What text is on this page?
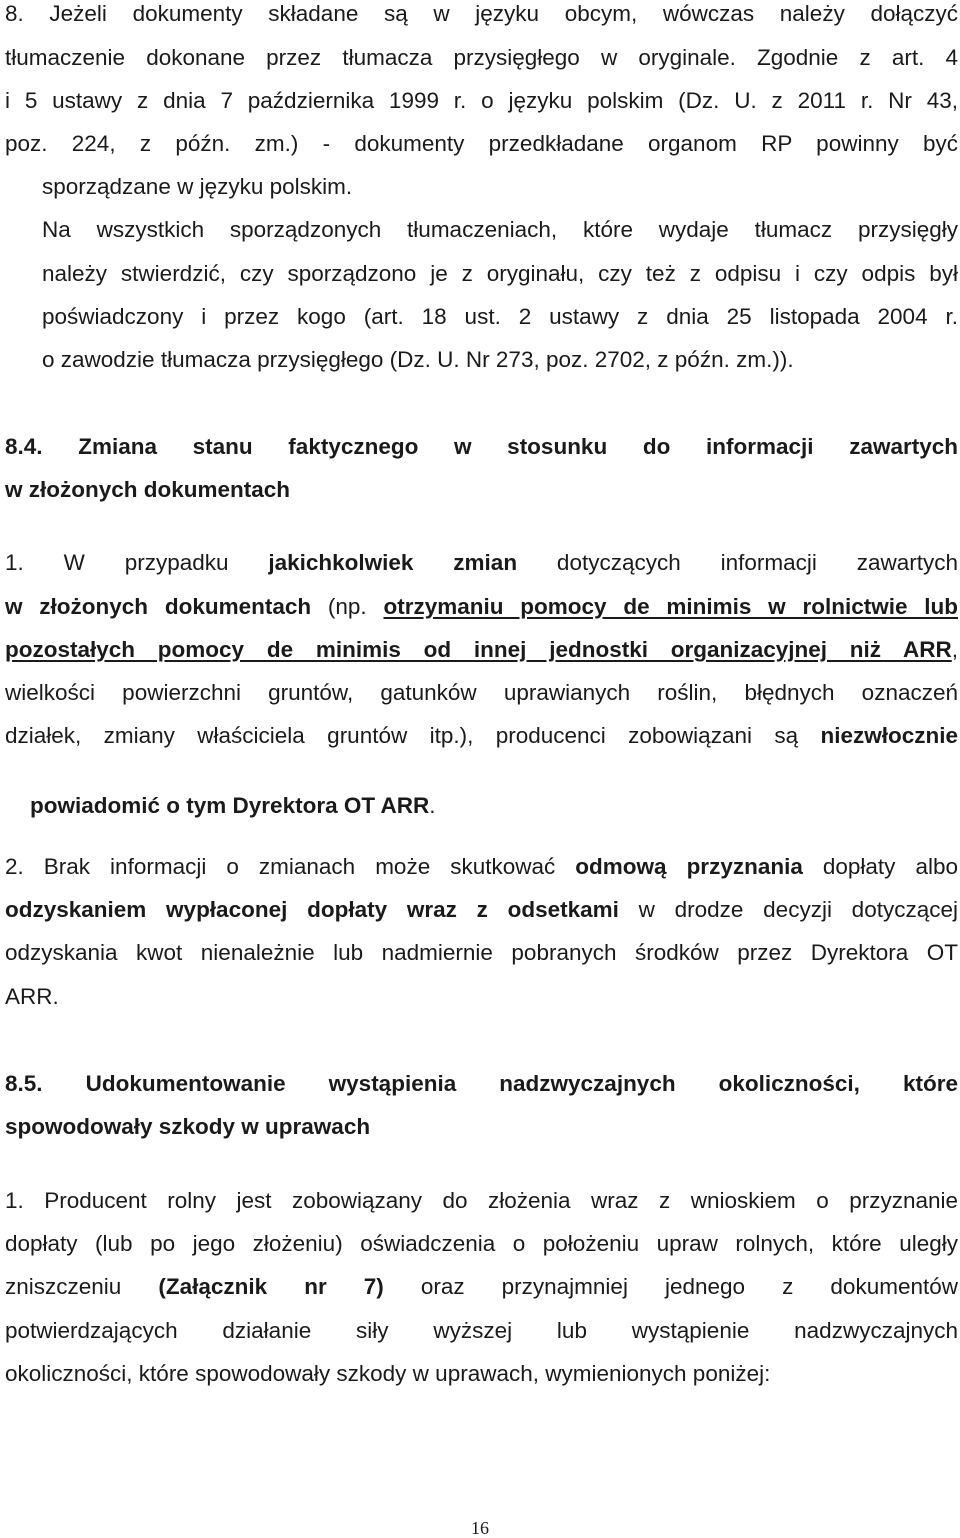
8. Jeżeli dokumenty składane są w języku obcym, wówczas należy dołączyć
tłumaczenie dokonane przez tłumacza przysięgłego w oryginale. Zgodnie z art. 4
i 5 ustawy z dnia 7 października 1999 r. o języku polskim (Dz. U. z 2011 r. Nr 43,
poz. 224, z późn. zm.) - dokumenty przedkładane organom RP powinny być
sporządzane w języku polskim.
Na wszystkich sporządzonych tłumaczeniach, które wydaje tłumacz przysięgły
należy stwierdzić, czy sporządzono je z oryginału, czy też z odpisu i czy odpis był
poświadczony i przez kogo (art. 18 ust. 2 ustawy z dnia 25 listopada 2004 r.
o zawodzie tłumacza przysięgłego (Dz. U. Nr 273, poz. 2702, z późn. zm.)).
8.4. Zmiana stanu faktycznego w stosunku do informacji zawartych
w złożonych dokumentach
1. W przypadku jakichkolwiek zmian dotyczących informacji zawartych
w złożonych dokumentach (np. otrzymaniu pomocy de minimis w rolnictwie lub
pozostałych pomocy de minimis od innej jednostki organizacyjnej niż ARR,
wielkości powierzchni gruntów, gatunków uprawianych roślin, błędnych oznaczeń
działek, zmiany właściciela gruntów itp.), producenci zobowiązani są niezwłocznie

powiadomić o tym Dyrektora OT ARR.

2. Brak informacji o zmianach może skutkować odmową przyznania dopłaty albo
odzyskaniem wypłaconej dopłaty wraz z odsetkami w drodze decyzji dotyczącej
odzyskania kwot nienależnie lub nadmiernie pobranych środków przez Dyrektora OT
ARR.
8.5. Udokumentowanie wystąpienia nadzwyczajnych okoliczności, które
spowodowały szkody w uprawach
1. Producent rolny jest zobowiązany do złożenia wraz z wnioskiem o przyznanie
dopłaty (lub po jego złożeniu) oświadczenia o położeniu upraw rolnych, które uległy
zniszczeniu (Załącznik nr 7) oraz przynajmniej jednego z dokumentów
potwierdzających działanie siły wyższej lub wystąpienie nadzwyczajnych
okoliczności, które spowodowały szkody w uprawach, wymienionych poniżej:
16
